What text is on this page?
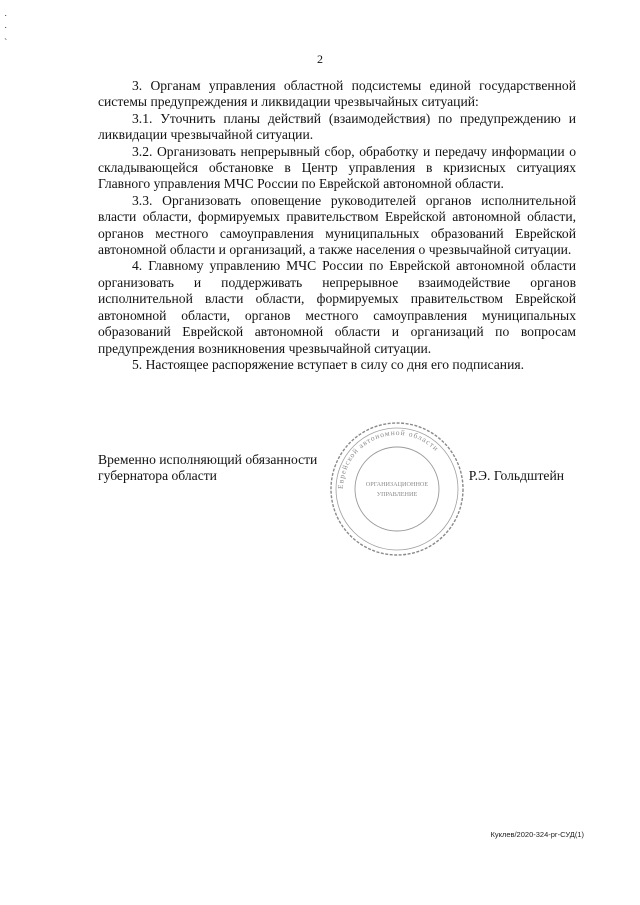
˙
˙
ˋ
2

3. Органам управления областной подсистемы единой государственной системы предупреждения и ликвидации чрезвычайных ситуаций:

3.1. Уточнить планы действий (взаимодействия) по предупреждению и ликвидации чрезвычайной ситуации.

3.2. Организовать непрерывный сбор, обработку и передачу информации о складывающейся обстановке в Центр управления в кризисных ситуациях Главного управления МЧС России по Еврейской автономной области.

3.3. Организовать оповещение руководителей органов исполнительной власти области, формируемых правительством Еврейской автономной области, органов местного самоуправления муниципальных образований Еврейской автономной области и организаций, а также населения о чрезвычайной ситуации.

4. Главному управлению МЧС России по Еврейской автономной области организовать и поддерживать непрерывное взаимодействие органов исполнительной власти области, формируемых правительством Еврейской автономной области, органов местного самоуправления муниципальных образований Еврейской автономной области и организаций по вопросам предупреждения возникновения чрезвычайной ситуации.

5. Настоящее распоряжение вступает в силу со дня его подписания.

Временно исполняющий обязанности
губернатора области
Еврейской автономной области
ОРГАНИЗАЦИОННОЕ
УПРАВЛЕНИЕ
Р.Э. Гольдштейн
Куклев/2020-324-рг-СУД(1)
